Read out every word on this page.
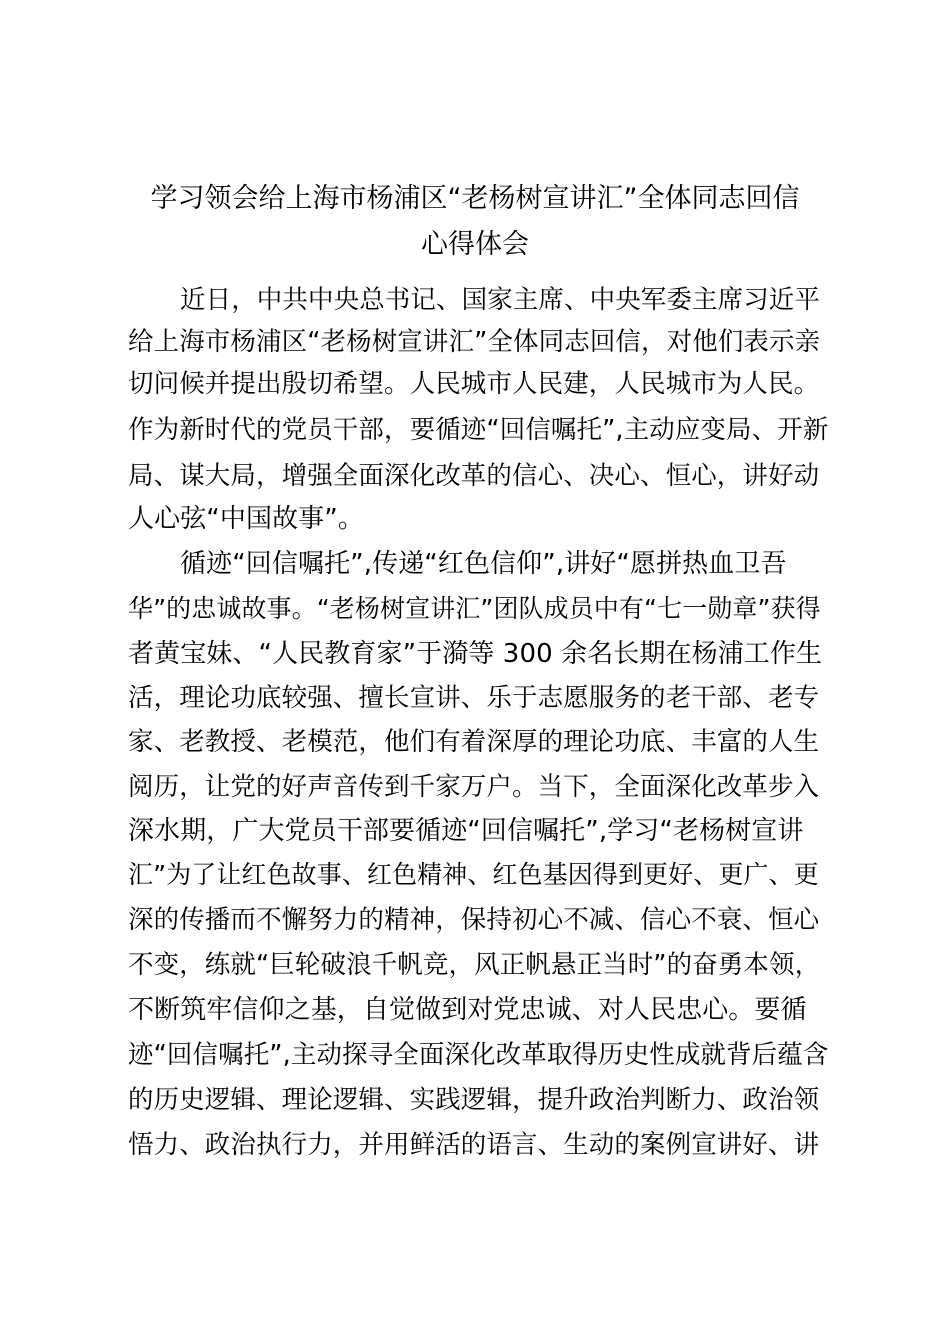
学习领会给上海市杨浦区“老杨树宣讲汇”全体同志回信
心得体会
近日，中共中央总书记、国家主席、中央军委主席习近平
给上海市杨浦区“老杨树宣讲汇”全体同志回信，对他们表示亲
切问候并提出殷切希望。人民城市人民建，人民城市为人民。
作为新时代的党员干部，要循迹“回信嘱托”,主动应变局、开新
局、谋大局，增强全面深化改革的信心、决心、恒心，讲好动
人心弦“中国故事”。
循迹“回信嘱托”,传递“红色信仰”,讲好“愿拼热血卫吾
华”的忠诚故事。“老杨树宣讲汇”团队成员中有“七一勋章”获得
者黄宝妹、“人民教育家”于漪等 300 余名长期在杨浦工作生
活，理论功底较强、擅长宣讲、乐于志愿服务的老干部、老专
家、老教授、老模范，他们有着深厚的理论功底、丰富的人生
阅历，让党的好声音传到千家万户。当下，全面深化改革步入
深水期，广大党员干部要循迹“回信嘱托”,学习“老杨树宣讲
汇”为了让红色故事、红色精神、红色基因得到更好、更广、更
深的传播而不懈努力的精神，保持初心不减、信心不衰、恒心
不变，练就“巨轮破浪千帆竞，风正帆悬正当时”的奋勇本领，
不断筑牢信仰之基，自觉做到对党忠诚、对人民忠心。要循
迹“回信嘱托”,主动探寻全面深化改革取得历史性成就背后蕴含
的历史逻辑、理论逻辑、实践逻辑，提升政治判断力、政治领
悟力、政治执行力，并用鲜活的语言、生动的案例宣讲好、讲
